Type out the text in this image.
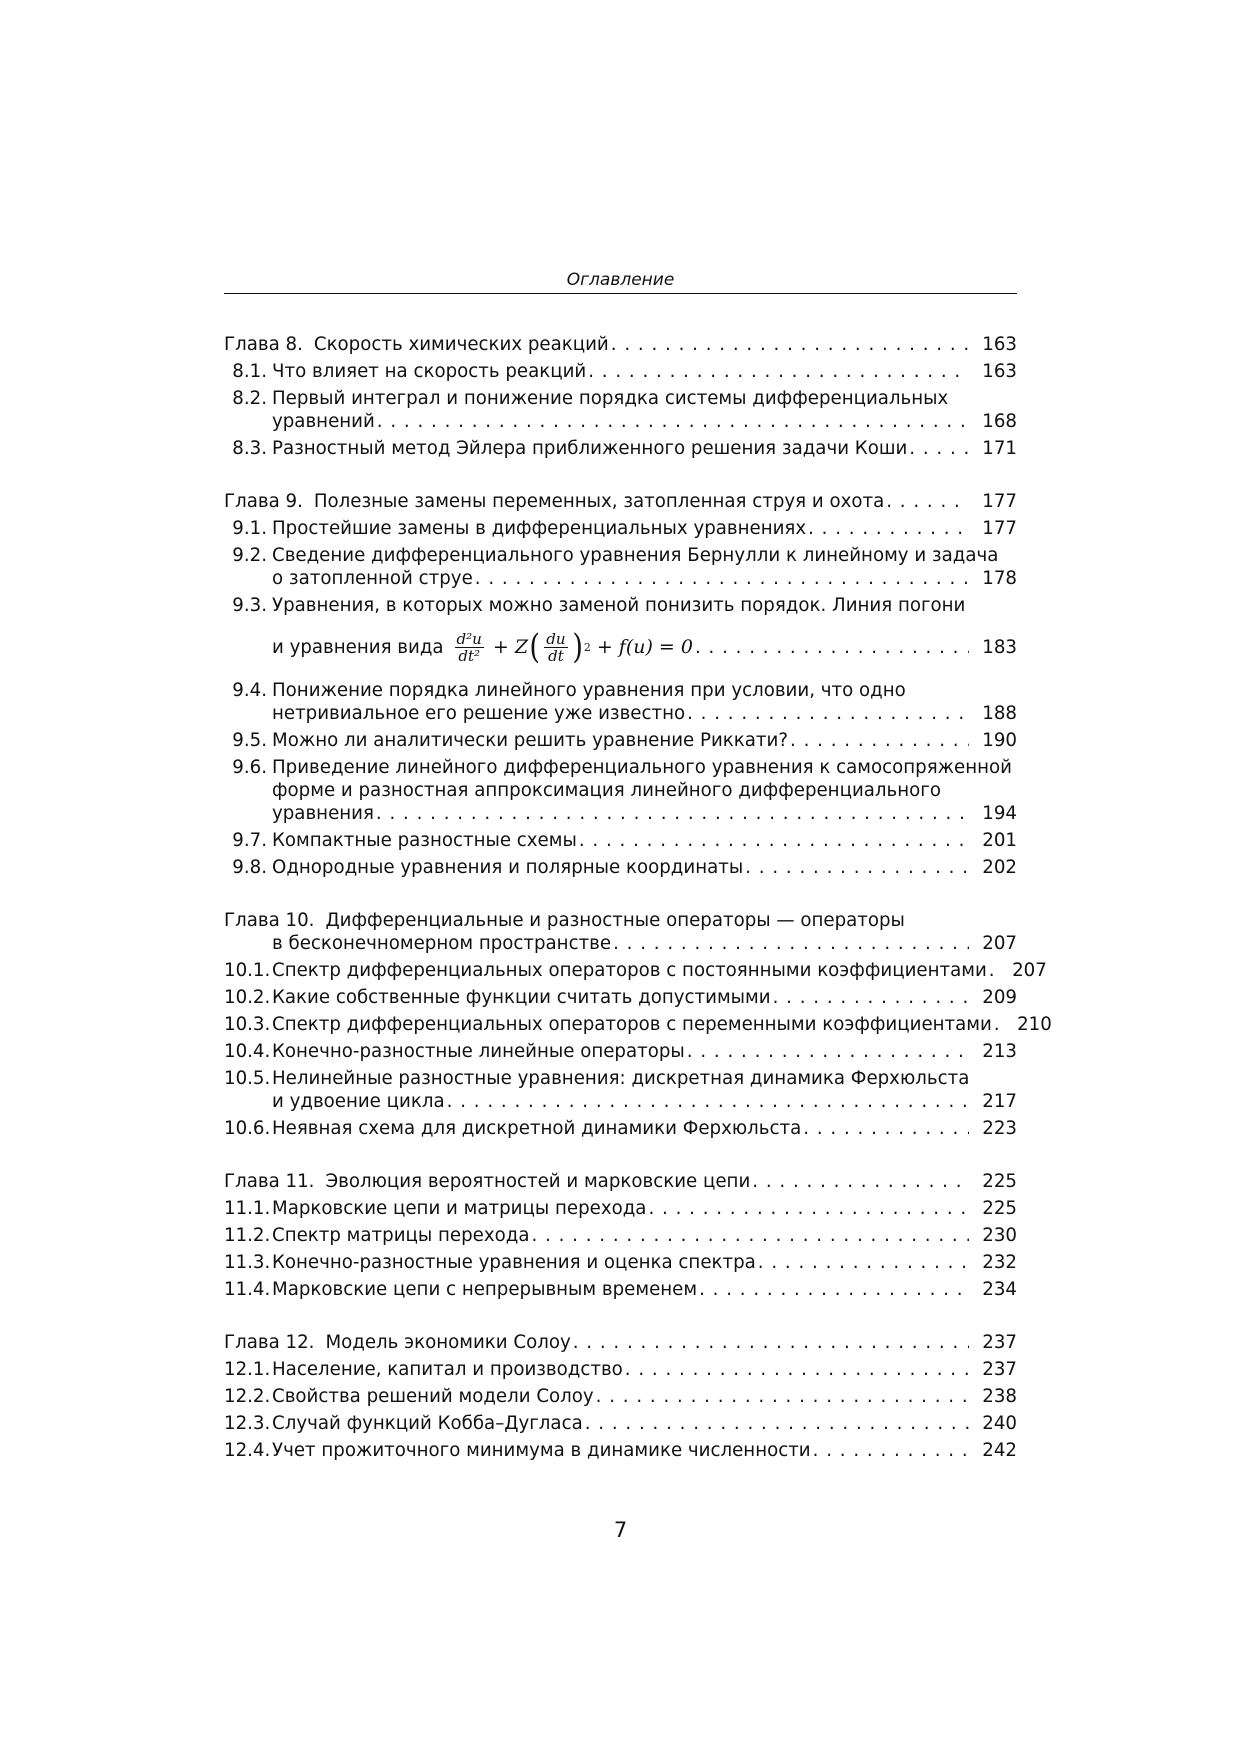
Оглавление
Глава 8. Скорость химических реакций . . .	163
8.1. Что влияет на скорость реакций . . .	163
8.2. Первый интеграл и понижение порядка системы дифференциальных
уравнений . . .	168
8.3. Разностный метод Эйлера приближенного решения задачи Коши . . .	171
Глава 9. Полезные замены переменных, затопленная струя и охота . . .	177
9.1. Простейшие замены в дифференциальных уравнениях . . .	177
9.2. Сведение дифференциального уравнения Бернулли к линейному и задача
о затопленной струе . . .	178
9.3. Уравнения, в которых можно заменой понизить порядок. Линия погони
и уравнения вида $\frac{\text{d²u}}{\text{dt²}} + Z$ ( $\frac{du}{dt}$ ) 2 + f(u) = 0 . . .	183
9.4. Понижение порядка линейного уравнения при условии, что одно
нетривиальное его решение уже известно . . .	188
9.5. Можно ли аналитически решить уравнение Риккати? . . .	190
9.6. Приведение линейного дифференциального уравнения к самосопряженной
форме и разностная аппроксимация линейного дифференциального
уравнения . . .	194
9.7. Компактные разностные схемы . . .	201
9.8. Однородные уравнения и полярные координаты . . .	202
Глава 10. Дифференциальные и разностные операторы — операторы
в бесконечномерном пространстве . . .	207
10.1. Спектр дифференциальных операторов с постоянными коэффициентами . . .	207
10.2. Какие собственные функции считать допустимыми . . .	209
10.3. Спектр дифференциальных операторов с переменными коэффициентами . . .	210
10.4. Конечно-разностные линейные операторы . . .	213
10.5. Нелинейные разностные уравнения: дискретная динамика Ферхюльста
и удвоение цикла . . .	217
10.6. Неявная схема для дискретной динамики Ферхюльста . . .	223
Глава 11. Эволюция вероятностей и марковские цепи . . .	225
11.1. Марковские цепи и матрицы перехода . . .	225
11.2. Спектр матрицы перехода . . .	230
11.3. Конечно-разностные уравнения и оценка спектра . . .	232
11.4. Марковские цепи с непрерывным временем . . .	234
Глава 12. Модель экономики Солоу . . .	237
12.1. Население, капитал и производство . . .	237
12.2. Свойства решений модели Солоу . . .	238
12.3. Случай функций Кобба–Дугласа . . .	240
12.4. Учет прожиточного минимума в динамике численности . . .	242
7
